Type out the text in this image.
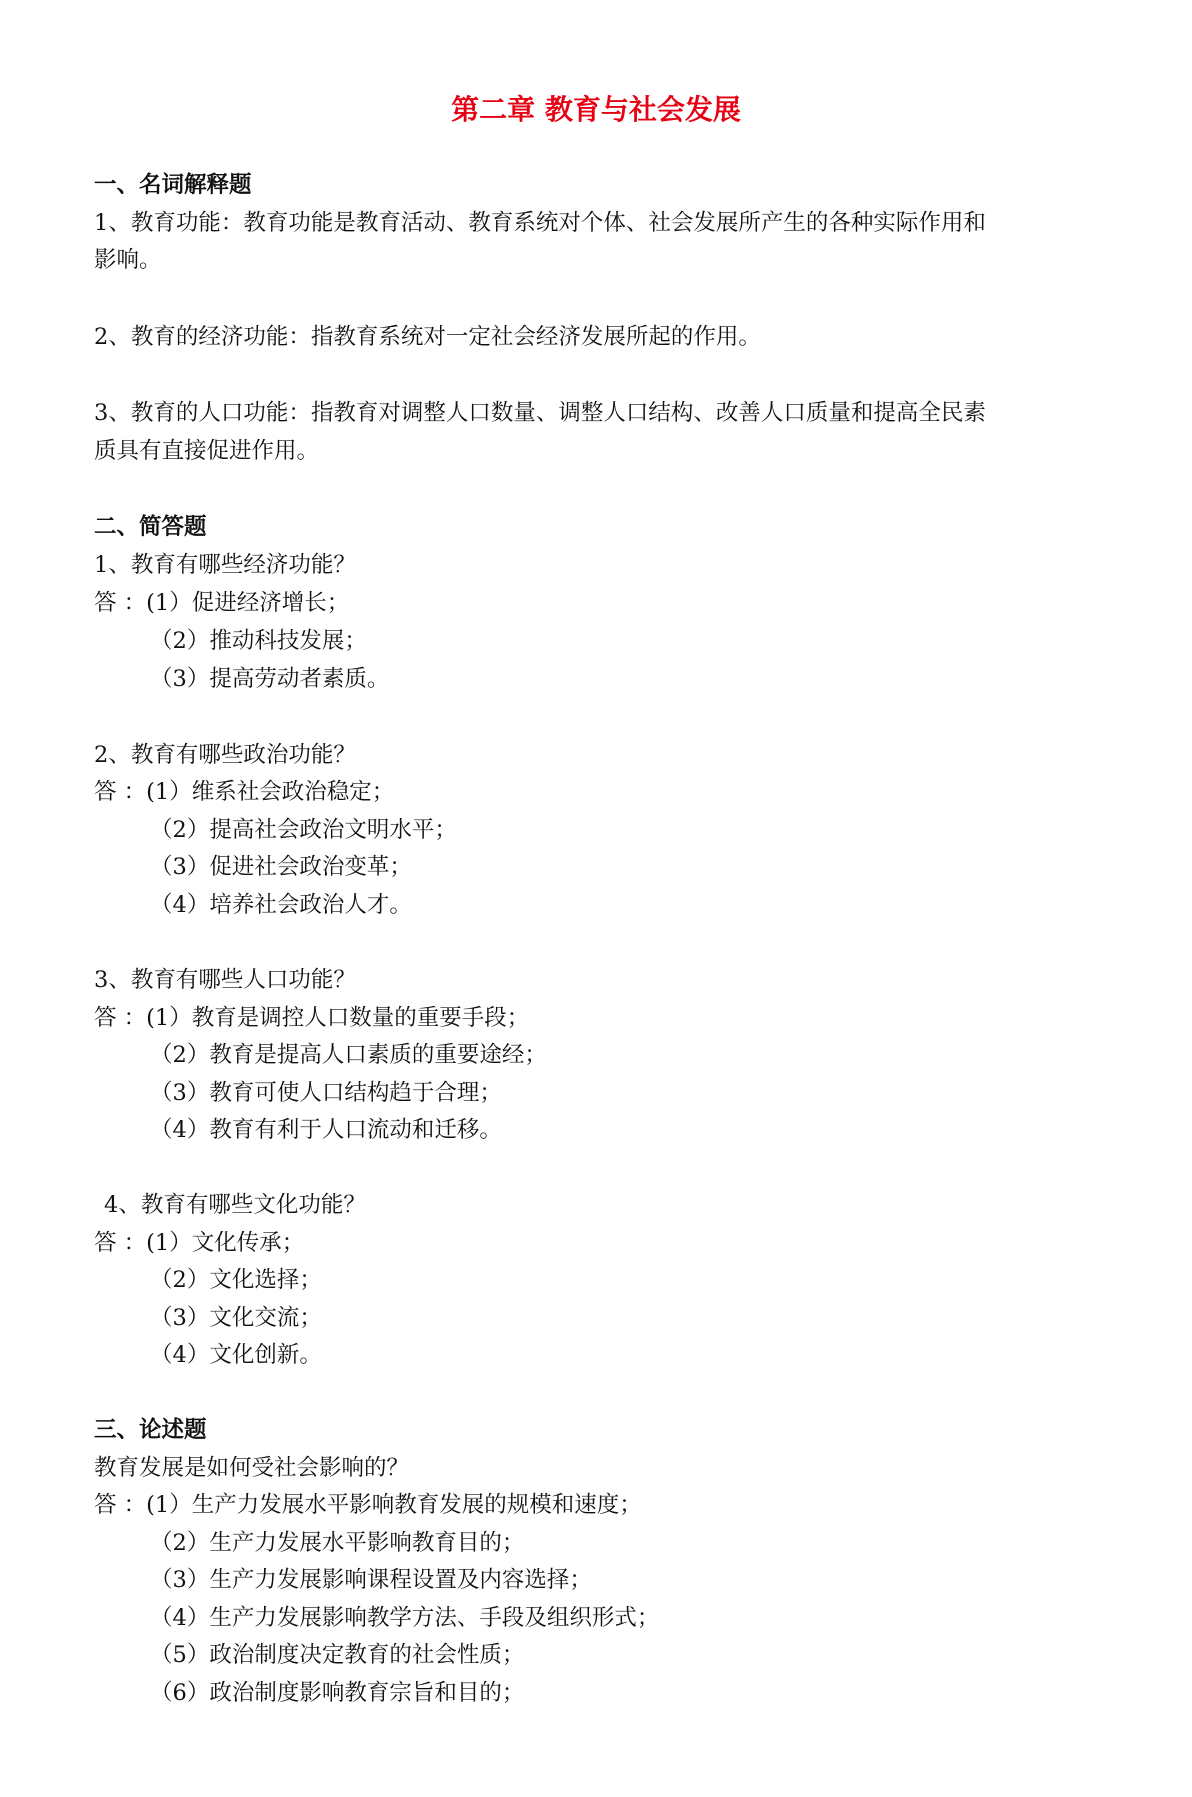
第二章 教育与社会发展
一、名词解释题
1、教育功能：教育功能是教育活动、教育系统对个体、社会发展所产生的各种实际作用和
影响。
2、教育的经济功能：指教育系统对一定社会经济发展所起的作用。
3、教育的人口功能：指教育对调整人口数量、调整人口结构、改善人口质量和提高全民素
质具有直接促进作用。
二、简答题
1、教育有哪些经济功能？
答 ：(1）促进经济增长；
（2）推动科技发展；
（3）提高劳动者素质。
2、教育有哪些政治功能？
答 ：(1）维系社会政治稳定；
（2）提高社会政治文明水平；
（3）促进社会政治变革；
（4）培养社会政治人才。
3、教育有哪些人口功能？
答 ：(1）教育是调控人口数量的重要手段；
（2）教育是提高人口素质的重要途经；
（3）教育可使人口结构趋于合理；
（4）教育有利于人口流动和迁移。
4、教育有哪些文化功能？
答 ：(1）文化传承；
（2）文化选择；
（3）文化交流；
（4）文化创新。
三、论述题
教育发展是如何受社会影响的？
答 ：(1）生产力发展水平影响教育发展的规模和速度；
（2）生产力发展水平影响教育目的；
（3）生产力发展影响课程设置及内容选择；
（4）生产力发展影响教学方法、手段及组织形式；
（5）政治制度决定教育的社会性质；
（6）政治制度影响教育宗旨和目的；
